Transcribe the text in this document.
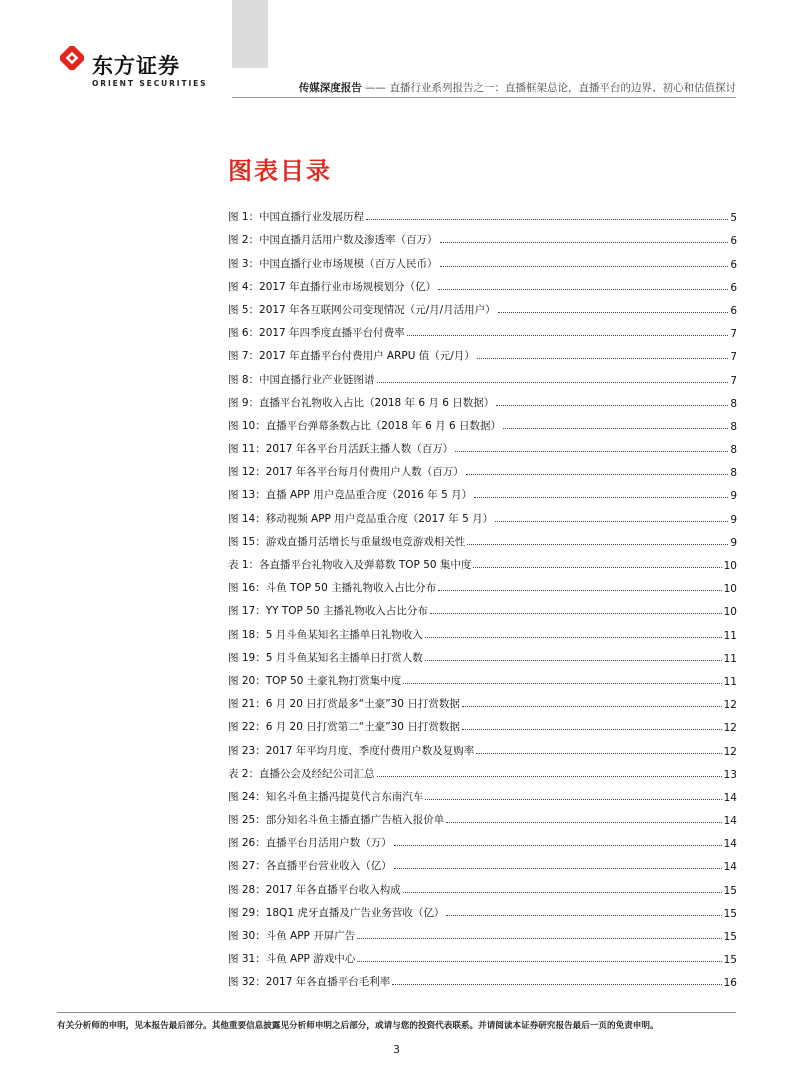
东方证券
ORIENT SECURITIES	传媒深度报告 —— 直播行业系列报告之一：直播框架总论，直播平台的边界、初心和估值探讨
图表目录
图 1：中国直播行业发展历程	5
图 2：中国直播月活用户数及渗透率（百万）	6
图 3：中国直播行业市场规模（百万人民币）	6
图 4：2017 年直播行业市场规模划分（亿）	6
图 5：2017 年各互联网公司变现情况（元/月/月活用户）	6
图 6：2017 年四季度直播平台付费率	7
图 7：2017 年直播平台付费用户 ARPU 值（元/月）	7
图 8：中国直播行业产业链图谱	7
图 9：直播平台礼物收入占比（2018 年 6 月 6 日数据）	8
图 10：直播平台弹幕条数占比（2018 年 6 月 6 日数据）	8
图 11：2017 年各平台月活跃主播人数（百万）	8
图 12：2017 年各平台每月付费用户人数（百万）	8
图 13：直播 APP 用户竞品重合度（2016 年 5 月）	9
图 14：移动视频 APP 用户竞品重合度（2017 年 5 月）	9
图 15：游戏直播月活增长与重量级电竞游戏相关性	9
表 1：各直播平台礼物收入及弹幕数 TOP 50 集中度	10
图 16：斗鱼 TOP 50 主播礼物收入占比分布	10
图 17：YY TOP 50 主播礼物收入占比分布	10
图 18：5 月斗鱼某知名主播单日礼物收入	11
图 19：5 月斗鱼某知名主播单日打赏人数	11
图 20：TOP 50 土豪礼物打赏集中度	11
图 21：6 月 20 日打赏最多“土豪”30 日打赏数据	12
图 22：6 月 20 日打赏第二“土豪”30 日打赏数据	12
图 23：2017 年平均月度、季度付费用户数及复购率	12
表 2：直播公会及经纪公司汇总	13
图 24：知名斗鱼主播冯提莫代言东南汽车	14
图 25：部分知名斗鱼主播直播广告植入报价单	14
图 26：直播平台月活用户数（万）	14
图 27：各直播平台营业收入（亿）	14
图 28：2017 年各直播平台收入构成	15
图 29：18Q1 虎牙直播及广告业务营收（亿）	15
图 30：斗鱼 APP 开屏广告	15
图 31：斗鱼 APP 游戏中心	15
图 32：2017 年各直播平台毛利率	16
有关分析师的申明，见本报告最后部分。其他重要信息披露见分析师申明之后部分，或请与您的投资代表联系。并请阅读本证券研究报告最后一页的免责申明。
3
